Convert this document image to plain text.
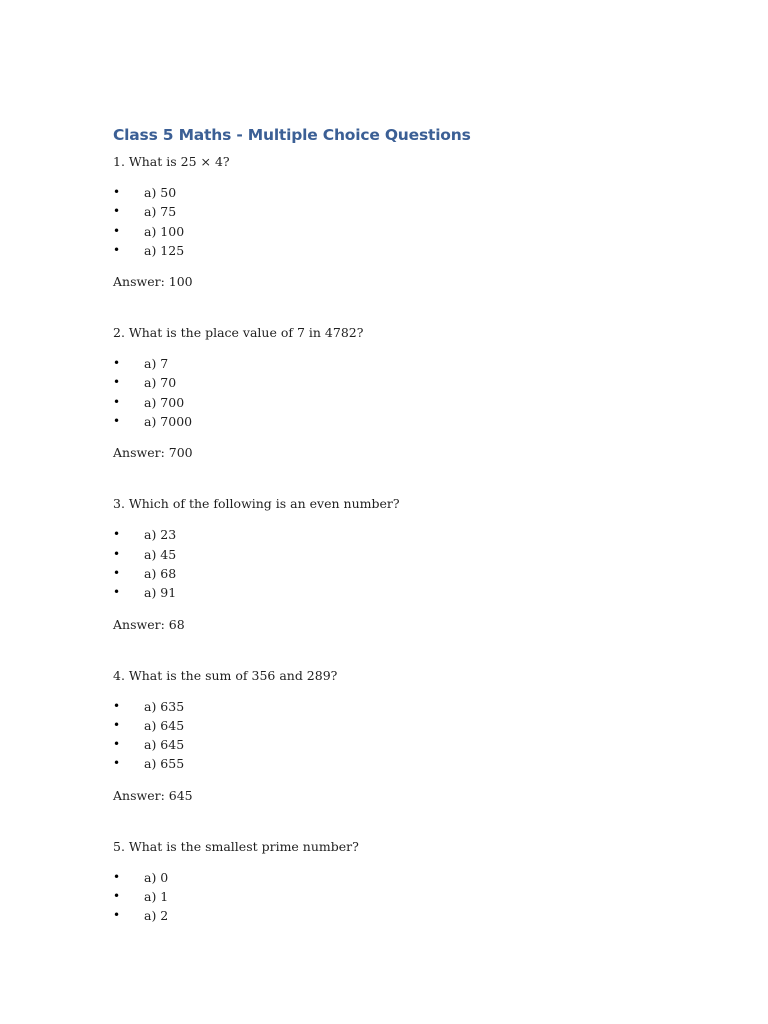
Class 5 Maths - Multiple Choice Questions

1. What is 25 × 4?

• a) 50
• a) 75
• a) 100
• a) 125

Answer: 100

2. What is the place value of 7 in 4782?

• a) 7
• a) 70
• a) 700
• a) 7000

Answer: 700

3. Which of the following is an even number?

• a) 23
• a) 45
• a) 68
• a) 91

Answer: 68

4. What is the sum of 356 and 289?

• a) 635
• a) 645
• a) 645
• a) 655

Answer: 645

5. What is the smallest prime number?

• a) 0
• a) 1
• a) 2
